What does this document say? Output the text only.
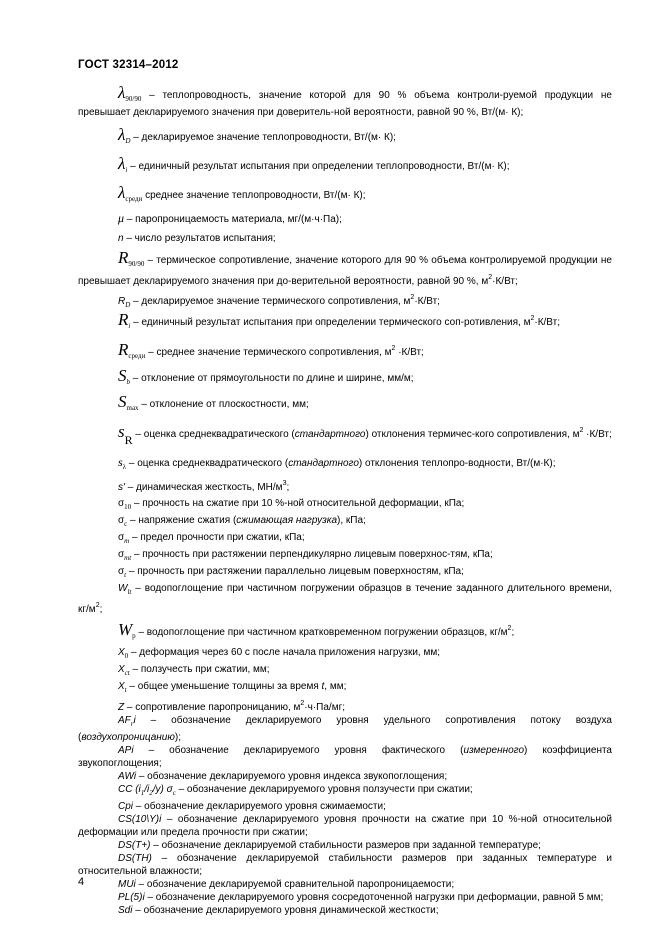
ГОСТ 32314–2012

$\lambda_{90/90}$ – теплопроводность, значение которой для 90 % объема контроли-руемой продукции не превышает декларируемого значения при доверитель-ной вероятности, равной 90 %, Вт/(м· К);

$\lambda_D$ – декларируемое значение теплопроводности, Вт/(м· К);

$\lambda_i$ – единичный результат испытания при определении теплопроводности, Вт/(м· К);

$\lambda_{среди}$ среднее значение теплопроводности, Вт/(м· К);

μ – паропроницаемость материала, мг/(м·ч·Па);

n – число результатов испытания;

$R_{90/90}$ – термическое сопротивление, значение которого для 90 % объема контролируемой продукции не превышает декларируемого значения при до-верительной вероятности, равной 90 %, $м^2\cdot К/Вт$;

$R_D$ – декларируемое значение термического сопротивления, $м^2\cdot К/Вт$;

$R_i$ – единичный результат испытания при определении термического соп-ротивления, $м^2\cdot К/Вт$;

$R_{среди}$ – среднее значение термического сопротивления, $м^2 \cdot К/Вт$;

$S_b$ – отклонение от прямоугольности по длине и ширине, мм/м;

$S_{max}$ – отклонение от плоскостности, мм;

sR – оценка среднеквадратического (стандартного) отклонения термичес-кого сопротивления, $м^2 \cdot К/Вт$;

$s_\lambda$ – оценка среднеквадратического (стандартного) отклонения теплопро-водности, Вт/(м·К);

s' – динамическая жесткость, $МН/м^3$;

$\sigma_{10}$ – прочность на сжатие при 10 %-ной относительной деформации, кПа;

$\sigma_c$ – напряжение сжатия (сжимающая нагрузка), кПа;

$\sigma_m$ – предел прочности при сжатии, кПа;

$\sigma_{mt}$ – прочность при растяжении перпендикулярно лицевым поверхнос-тям, кПа;

$\sigma_t$ – прочность при растяжении параллельно лицевым поверхностям, кПа;

$W_{lt}$ – водопоглощение при частичном погружении образцов в течение заданного длительного времени, $кг/м^2$;

$W_p$ – водопоглощение при частичном кратковременном погружении образцов, $кг/м^2$;

$X_0$ – деформация через 60 с после начала приложения нагрузки, мм;

$X_{ct}$ – ползучесть при сжатии, мм;

$X_t$ – общее уменьшение толщины за время t, мм;

Z – сопротивление паропроницанию, $м^2\cdot ч\cdot Па/мг$;

$AF_ri$ – обозначение декларируемого уровня удельного сопротивления потоку воздуха (воздухопроницанию);

APi – обозначение декларируемого уровня фактического (измеренного) коэффициента звукопоглощения;

AWi – обозначение декларируемого уровня индекса звукопоглощения;

CC $(i_1/i_2/y)$ $\sigma_c$ – обозначение декларируемого уровня ползучести при сжатии;

Cpi – обозначение декларируемого уровня сжимаемости;

CS(10\Y)i – обозначение декларируемого уровня прочности на сжатие при 10 %-ной относительной деформации или предела прочности при сжатии;

DS(T+) – обозначение декларируемой стабильности размеров при заданной температуре;

DS(TH) – обозначение декларируемой стабильности размеров при заданных температуре и относительной влажности;

MUi – обозначение декларируемой сравнительной паропроницаемости;

PL(5)i – обозначение декларируемого уровня сосредоточенной нагрузки при деформации, равной 5 мм;

Sdi – обозначение декларируемого уровня динамической жесткости;

4
